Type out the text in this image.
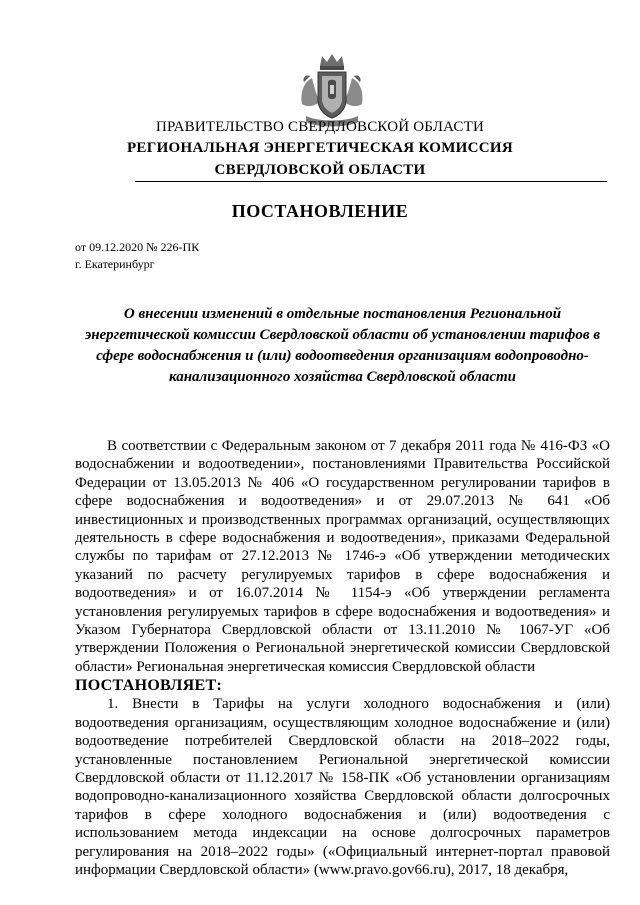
ПРАВИТЕЛЬСТВО СВЕРДЛОВСКОЙ ОБЛАСТИ

РЕГИОНАЛЬНАЯ ЭНЕРГЕТИЧЕСКАЯ КОМИССИЯ

СВЕРДЛОВСКОЙ ОБЛАСТИ

ПОСТАНОВЛЕНИЕ
от 09.12.2020 № 226-ПК
г. Екатеринбург

О внесении изменений в отдельные постановления Региональной энергетической комиссии Свердловской области об установлении тарифов в сфере водоснабжения и (или) водоотведения организациям водопроводно-канализационного хозяйства Свердловской области

В соответствии с Федеральным законом от 7 декабря 2011 года № 416-ФЗ «О водоснабжении и водоотведении», постановлениями Правительства Российской Федерации от 13.05.2013 № 406 «О государственном регулировании тарифов в сфере водоснабжения и водоотведения» и от 29.07.2013 № 641 «Об инвестиционных и производственных программах организаций, осуществляющих деятельность в сфере водоснабжения и водоотведения», приказами Федеральной службы по тарифам от 27.12.2013 № 1746-э «Об утверждении методических указаний по расчету регулируемых тарифов в сфере водоснабжения и водоотведения» и от 16.07.2014 № 1154-э «Об утверждении регламента установления регулируемых тарифов в сфере водоснабжения и водоотведения» и Указом Губернатора Свердловской области от 13.11.2010 № 1067-УГ «Об утверждении Положения о Региональной энергетической комиссии Свердловской области» Региональная энергетическая комиссия Свердловской области

ПОСТАНОВЛЯЕТ:

1. Внести в Тарифы на услуги холодного водоснабжения и (или) водоотведения организациям, осуществляющим холодное водоснабжение и (или) водоотведение потребителей Свердловской области на 2018–2022 годы, установленные постановлением Региональной энергетической комиссии Свердловской области от 11.12.2017 № 158-ПК «Об установлении организациям водопроводно-канализационного хозяйства Свердловской области долгосрочных тарифов в сфере холодного водоснабжения и (или) водоотведения с использованием метода индексации на основе долгосрочных параметров регулирования на 2018–2022 годы» («Официальный интернет-портал правовой информации Свердловской области» (www.pravo.gov66.ru), 2017, 18 декабря,
